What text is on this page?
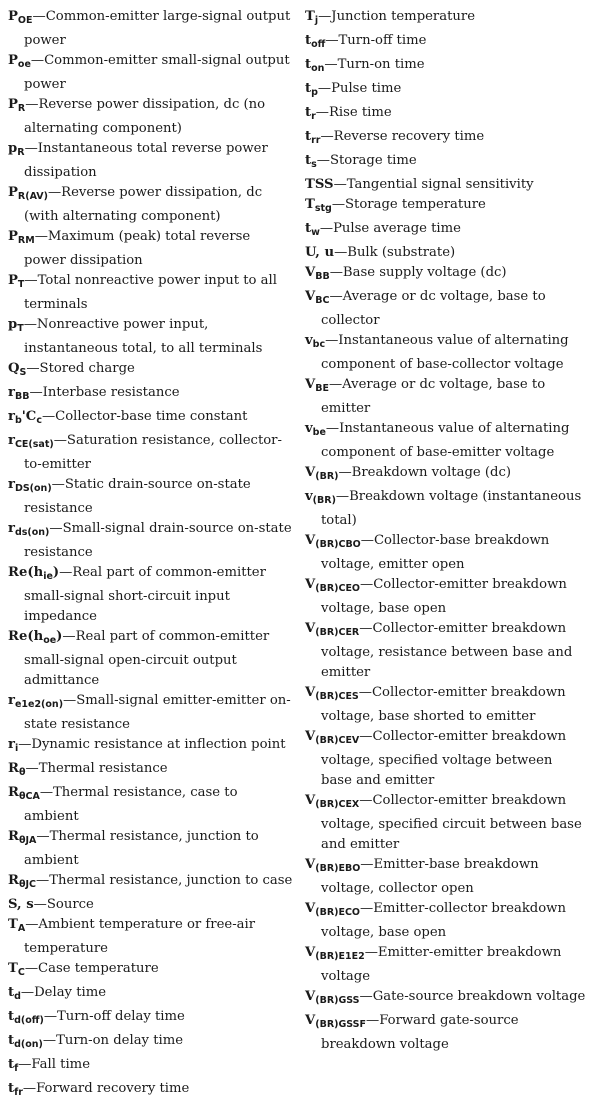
$P_{OE}—Common$-emitter large-signal output power

$P_{oe}—Common$-emitter small-signal output power

$P_R—Reverse$ power dissipation, dc (no alternating component)

$p_R—Instantaneous$ total reverse power dissipation

$P_{R(AV)}—Reverse$ power dissipation, dc (with alternating component)

$P_{RM}—Maximum$ (peak) total reverse power dissipation

$P_T—Total$ nonreactive power input to all terminals

$p_T—Nonreactive$ power input, instantaneous total, to all terminals

$Q_S—Stored$ charge

$r_{BB}—Interbase$ resistance

$r_b'C_c—Collector$-base time constant

$r_{CE(sat)}—Saturation$ resistance, collector-to-emitter

$r_{DS(on)}—Static$ drain-source on-state resistance

$r_{ds(on)}—Small$-signal drain-source on-state resistance

$Re(h_{ie})—Real$ part of common-emitter small-signal short-circuit input impedance

$Re(h_{oe})—Real$ part of common-emitter small-signal open-circuit output admittance

$r_{e1e2(on)}—Small$-signal emitter-emitter on-state resistance

$r_i—Dynamic$ resistance at inflection point

$R_\theta—Thermal$ resistance

$R_{\theta CA}—Thermal$ resistance, case to ambient

$R_{\theta JA}—Thermal$ resistance, junction to ambient

$R_{\theta JC}—Thermal$ resistance, junction to case

S, s—Source

$T_A—Ambient$ temperature or free-air temperature

$T_C—Case$ temperature

$t_d—Delay$ time

$t_{d(off)}—Turn$-off delay time

$t_{d(on)}—Turn-on$ delay time

$t_f—Fall$ time

$t_{fr}—Forward$ recovery time

$T_j—Junction$ temperature

$t_{off}—Turn$-off time

$t_{on}—Turn-on$ time

$t_p—Pulse$ time

$t_r—Rise$ time

$t_{rr}—Reverse$ recovery time

$t_s—Storage$ time

TSS—Tangential signal sensitivity

$T_{stg}—Storage$ temperature

$t_w—Pulse$ average time

U, u—Bulk (substrate)

$V_{BB}—Base$ supply voltage (dc)

$V_{BC}—Average$ or dc voltage, base to collector

$v_{bc}—Instantaneous$ value of alternating component of base-collector voltage

$V_{BE}—Average$ or dc voltage, base to emitter

$v_{be}—Instantaneous$ value of alternating component of base-emitter voltage

$V_{(BR)}—Breakdown$ voltage (dc)

$v_{(BR)}—Breakdown$ voltage (instantaneous total)

$V_{(BR)CBO}—Collector$-base breakdown voltage, emitter open

$V_{(BR)CEO}—Collector$-emitter breakdown voltage, base open

$V_{(BR)CER}—Collector$-emitter breakdown voltage, resistance between base and emitter

$V_{(BR)CES}—Collector$-emitter breakdown voltage, base shorted to emitter

$V_{(BR)CEV}—Collector$-emitter breakdown voltage, specified voltage between base and emitter

$V_{(BR)CEX}—Collector$-emitter breakdown voltage, specified circuit between base and emitter

$V_{(BR)EBO}—Emitter$-base breakdown voltage, collector open

$V_{(BR)ECO}—Emitter$-collector breakdown voltage, base open

$V_{(BR)E1E2}—Emitter$-emitter breakdown voltage

$V_{(BR)GSS}—Gate$-source breakdown voltage

$V_{(BR)GSSF}—Forward$ gate-source breakdown voltage
